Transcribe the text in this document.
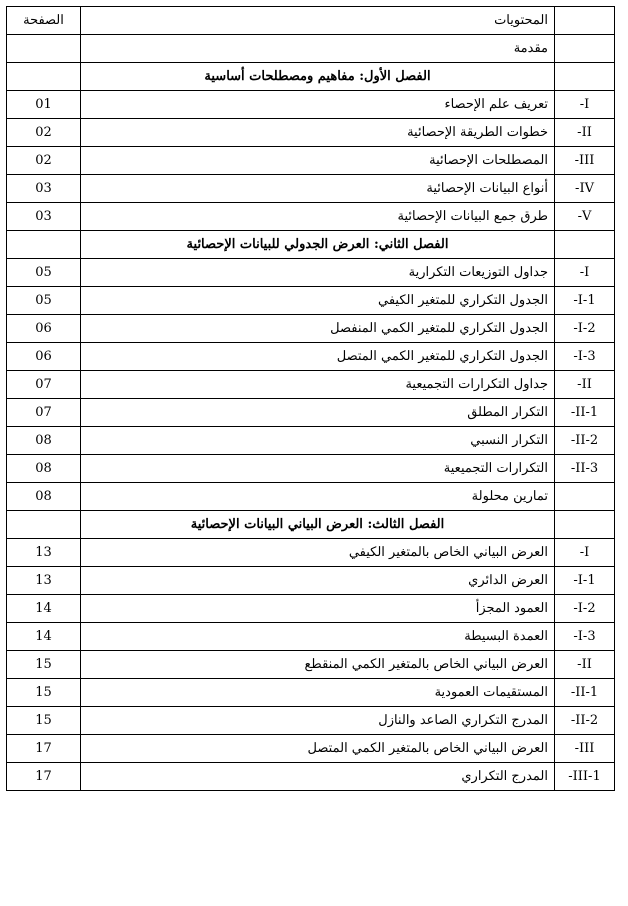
	المحتويات	الصفحة
	مقدمة	
	الفصل الأول: مفاهيم ومصطلحات أساسية	
I-	تعريف علم الإحصاء	01
II-	خطوات الطريقة الإحصائية	02
III-	المصطلحات الإحصائية	02
IV-	أنواع البيانات الإحصائية	03
V-	طرق جمع البيانات الإحصائية	03
	الفصل الثاني: العرض الجدولي للبيانات الإحصائية	
I-	جداول التوزيعات التكرارية	05
I-1-	الجدول التكراري للمتغير الكيفي	05
I-2-	الجدول التكراري للمتغير الكمي المنفصل	06
I-3-	الجدول التكراري للمتغير الكمي المتصل	06
II-	جداول التكرارات التجميعية	07
II-1-	التكرار المطلق	07
II-2-	التكرار النسبي	08
II-3-	التكرارات التجميعية	08
	تمارين محلولة	08
	الفصل الثالث: العرض البياني البيانات الإحصائية	
I-	العرض البياني الخاص بالمتغير الكيفي	13
I-1-	العرض الدائري	13
I-2-	العمود المجزأ	14
I-3-	العمدة البسيطة	14
II-	العرض البياني الخاص بالمتغير الكمي المنقطع	15
II-1-	المستقيمات العمودية	15
II-2-	المدرج التكراري الصاعد والنازل	15
III-	العرض البياني الخاص بالمتغير الكمي المتصل	17
III-1-	المدرج التكراري	17
